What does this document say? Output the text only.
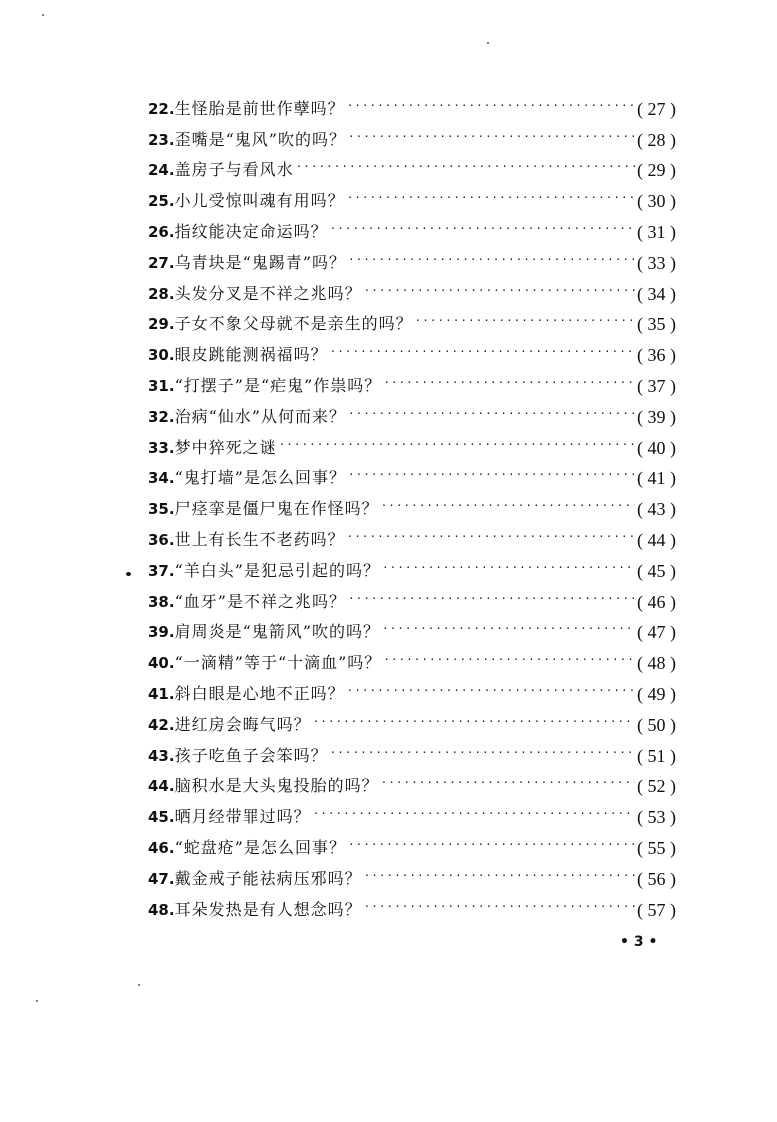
22. 生怪胎是前世作孽吗？ ·····	( 27 )
23. 歪嘴是“鬼风”吹的吗？ ·····	( 28 )
24. 盖房子与看风水 ·····	( 29 )
25. 小儿受惊叫魂有用吗？ ·····	( 30 )
26. 指纹能决定命运吗？ ·····	( 31 )
27. 乌青块是“鬼踢青”吗？ ·····	( 33 )
28. 头发分叉是不祥之兆吗？ ·····	( 34 )
29. 子女不象父母就不是亲生的吗？ ·····	( 35 )
30. 眼皮跳能测祸福吗？ ·····	( 36 )
31. “打摆子”是“疟鬼”作祟吗？ ·····	( 37 )
32. 治病“仙水”从何而来？ ·····	( 39 )
33. 梦中猝死之谜 ·····	( 40 )
34. “鬼打墙”是怎么回事？ ·····	( 41 )
35. 尸痉挛是僵尸鬼在作怪吗？ ·····	( 43 )
36. 世上有长生不老药吗？ ·····	( 44 )
37. “羊白头”是犯忌引起的吗？ ·····	( 45 )
38. “血牙”是不祥之兆吗？ ·····	( 46 )
39. 肩周炎是“鬼箭风”吹的吗？ ·····	( 47 )
40. “一滴精”等于“十滴血”吗？ ·····	( 48 )
41. 斜白眼是心地不正吗？ ·····	( 49 )
42. 进红房会晦气吗？ ·····	( 50 )
43. 孩子吃鱼子会笨吗？ ·····	( 51 )
44. 脑积水是大头鬼投胎的吗？ ·····	( 52 )
45. 晒月经带罪过吗？ ·····	( 53 )
46. “蛇盘疮”是怎么回事？ ·····	( 55 )
47. 戴金戒子能祛病压邪吗？ ·····	( 56 )
48. 耳朵发热是有人想念吗？ ·····	( 57 )
• 3 •
